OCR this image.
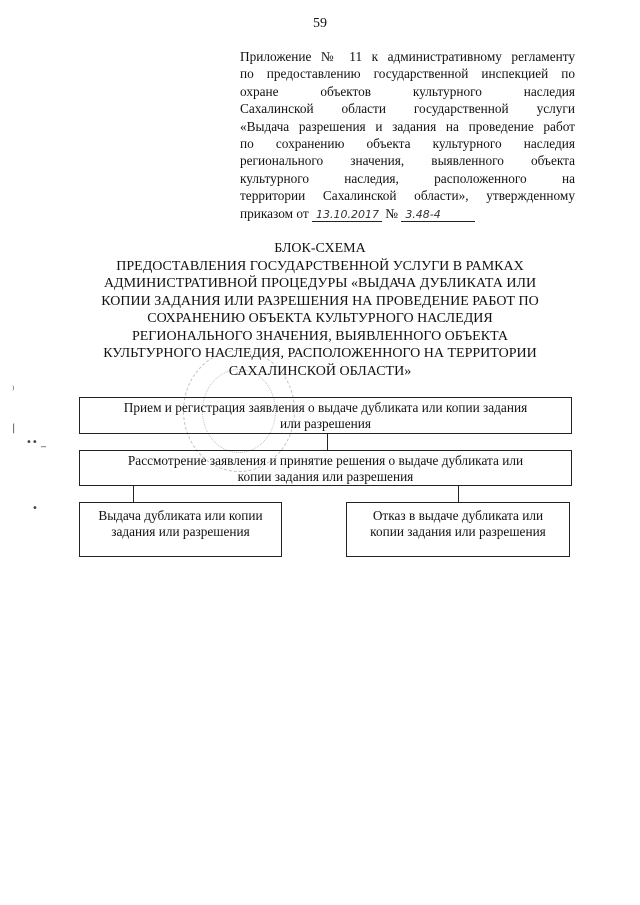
59
Приложение № 11 к административному регламенту
по предоставлению государственной инспекцией по
охране объектов культурного наследия
Сахалинской области государственной услуги
«Выдача разрешения и задания на проведение работ
по сохранению объекта культурного наследия
регионального значения, выявленного объекта
культурного наследия, расположенного на
территории Сахалинской области», утвержденному
приказом от 13.10.2017 № 3.48-4
БЛОК-СХЕМА
ПРЕДОСТАВЛЕНИЯ ГОСУДАРСТВЕННОЙ УСЛУГИ В РАМКАХ
АДМИНИСТРАТИВНОЙ ПРОЦЕДУРЫ «ВЫДАЧА ДУБЛИКАТА ИЛИ
КОПИИ ЗАДАНИЯ ИЛИ РАЗРЕШЕНИЯ НА ПРОВЕДЕНИЕ РАБОТ ПО
СОХРАНЕНИЮ ОБЪЕКТА КУЛЬТУРНОГО НАСЛЕДИЯ
РЕГИОНАЛЬНОГО ЗНАЧЕНИЯ, ВЫЯВЛЕННОГО ОБЪЕКТА
КУЛЬТУРНОГО НАСЛЕДИЯ, РАСПОЛОЖЕННОГО НА ТЕРРИТОРИИ
САХАЛИНСКОЙ ОБЛАСТИ»
Прием и регистрация заявления о выдаче дубликата или копии задания
или разрешения
Рассмотрение заявления и принятие решения о выдаче дубликата или
копии задания или разрешения
Выдача дубликата или копии
задания или разрешения
Отказ в выдаче дубликата или
копии задания или разрешения
⁾
|
•• _
•
